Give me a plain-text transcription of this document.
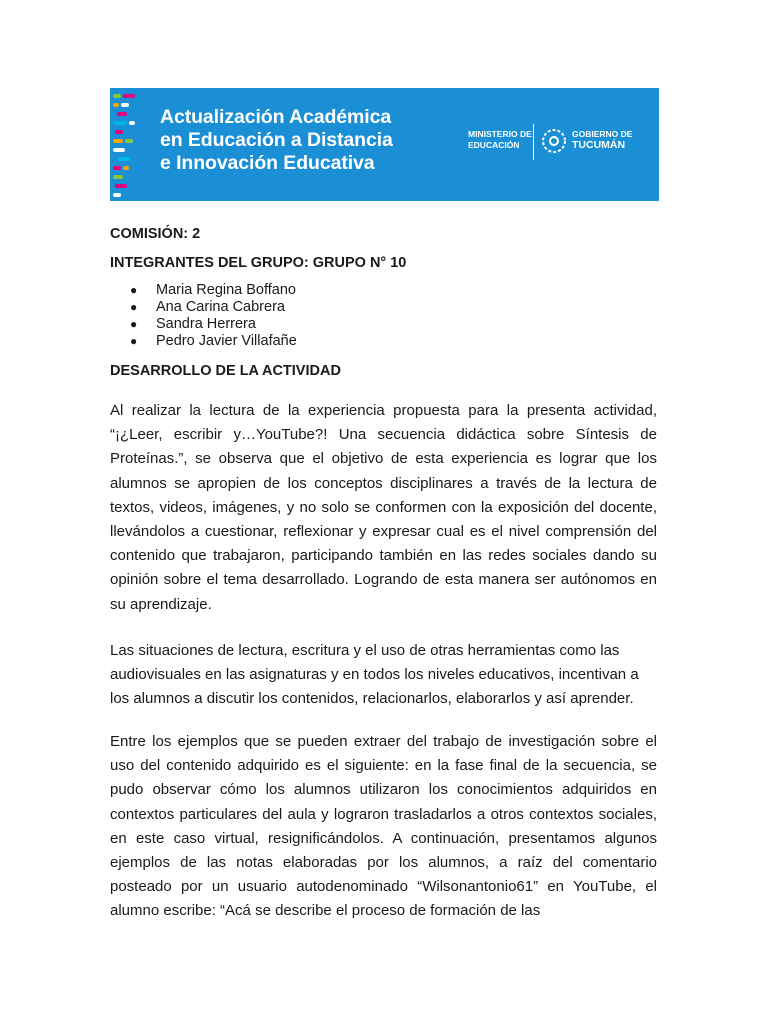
Actualización Académica
en Educación a Distancia
e Innovación Educativa
MINISTERIO DE
EDUCACIÓN
GOBIERNO DE
TUCUMÁN

COMISIÓN: 2

INTEGRANTES DEL GRUPO: GRUPO N° 10

● Maria Regina Boffano
● Ana Carina Cabrera
● Sandra Herrera
● Pedro Javier Villafañe

DESARROLLO DE LA ACTIVIDAD

Al realizar la lectura de la experiencia propuesta para la presenta actividad, “¡¿Leer, escribir y…YouTube?! Una secuencia didáctica sobre Síntesis de Proteínas.”, se observa que el objetivo de esta experiencia es lograr que los alumnos se apropien de los conceptos disciplinares a través de la lectura de textos, videos, imágenes, y no solo se conformen con la exposición del docente, llevándolos a cuestionar, reflexionar y expresar cual es el nivel comprensión del contenido que trabajaron, participando también en las redes sociales dando su opinión sobre el tema desarrollado. Logrando de esta manera ser autónomos en su aprendizaje.

Las situaciones de lectura, escritura y el uso de otras herramientas como las audiovisuales en las asignaturas y en todos los niveles educativos, incentivan a los alumnos a discutir los contenidos, relacionarlos, elaborarlos y así aprender.

Entre los ejemplos que se pueden extraer del trabajo de investigación sobre el uso del contenido adquirido es el siguiente: en la fase final de la secuencia, se pudo observar cómo los alumnos utilizaron los conocimientos adquiridos en contextos particulares del aula y lograron trasladarlos a otros contextos sociales, en este caso virtual, resignificándolos. A continuación, presentamos algunos ejemplos de las notas elaboradas por los alumnos, a raíz del comentario posteado por un usuario autodenominado “Wilsonantonio61” en YouTube, el alumno escribe: “Acá se describe el proceso de formación de las
